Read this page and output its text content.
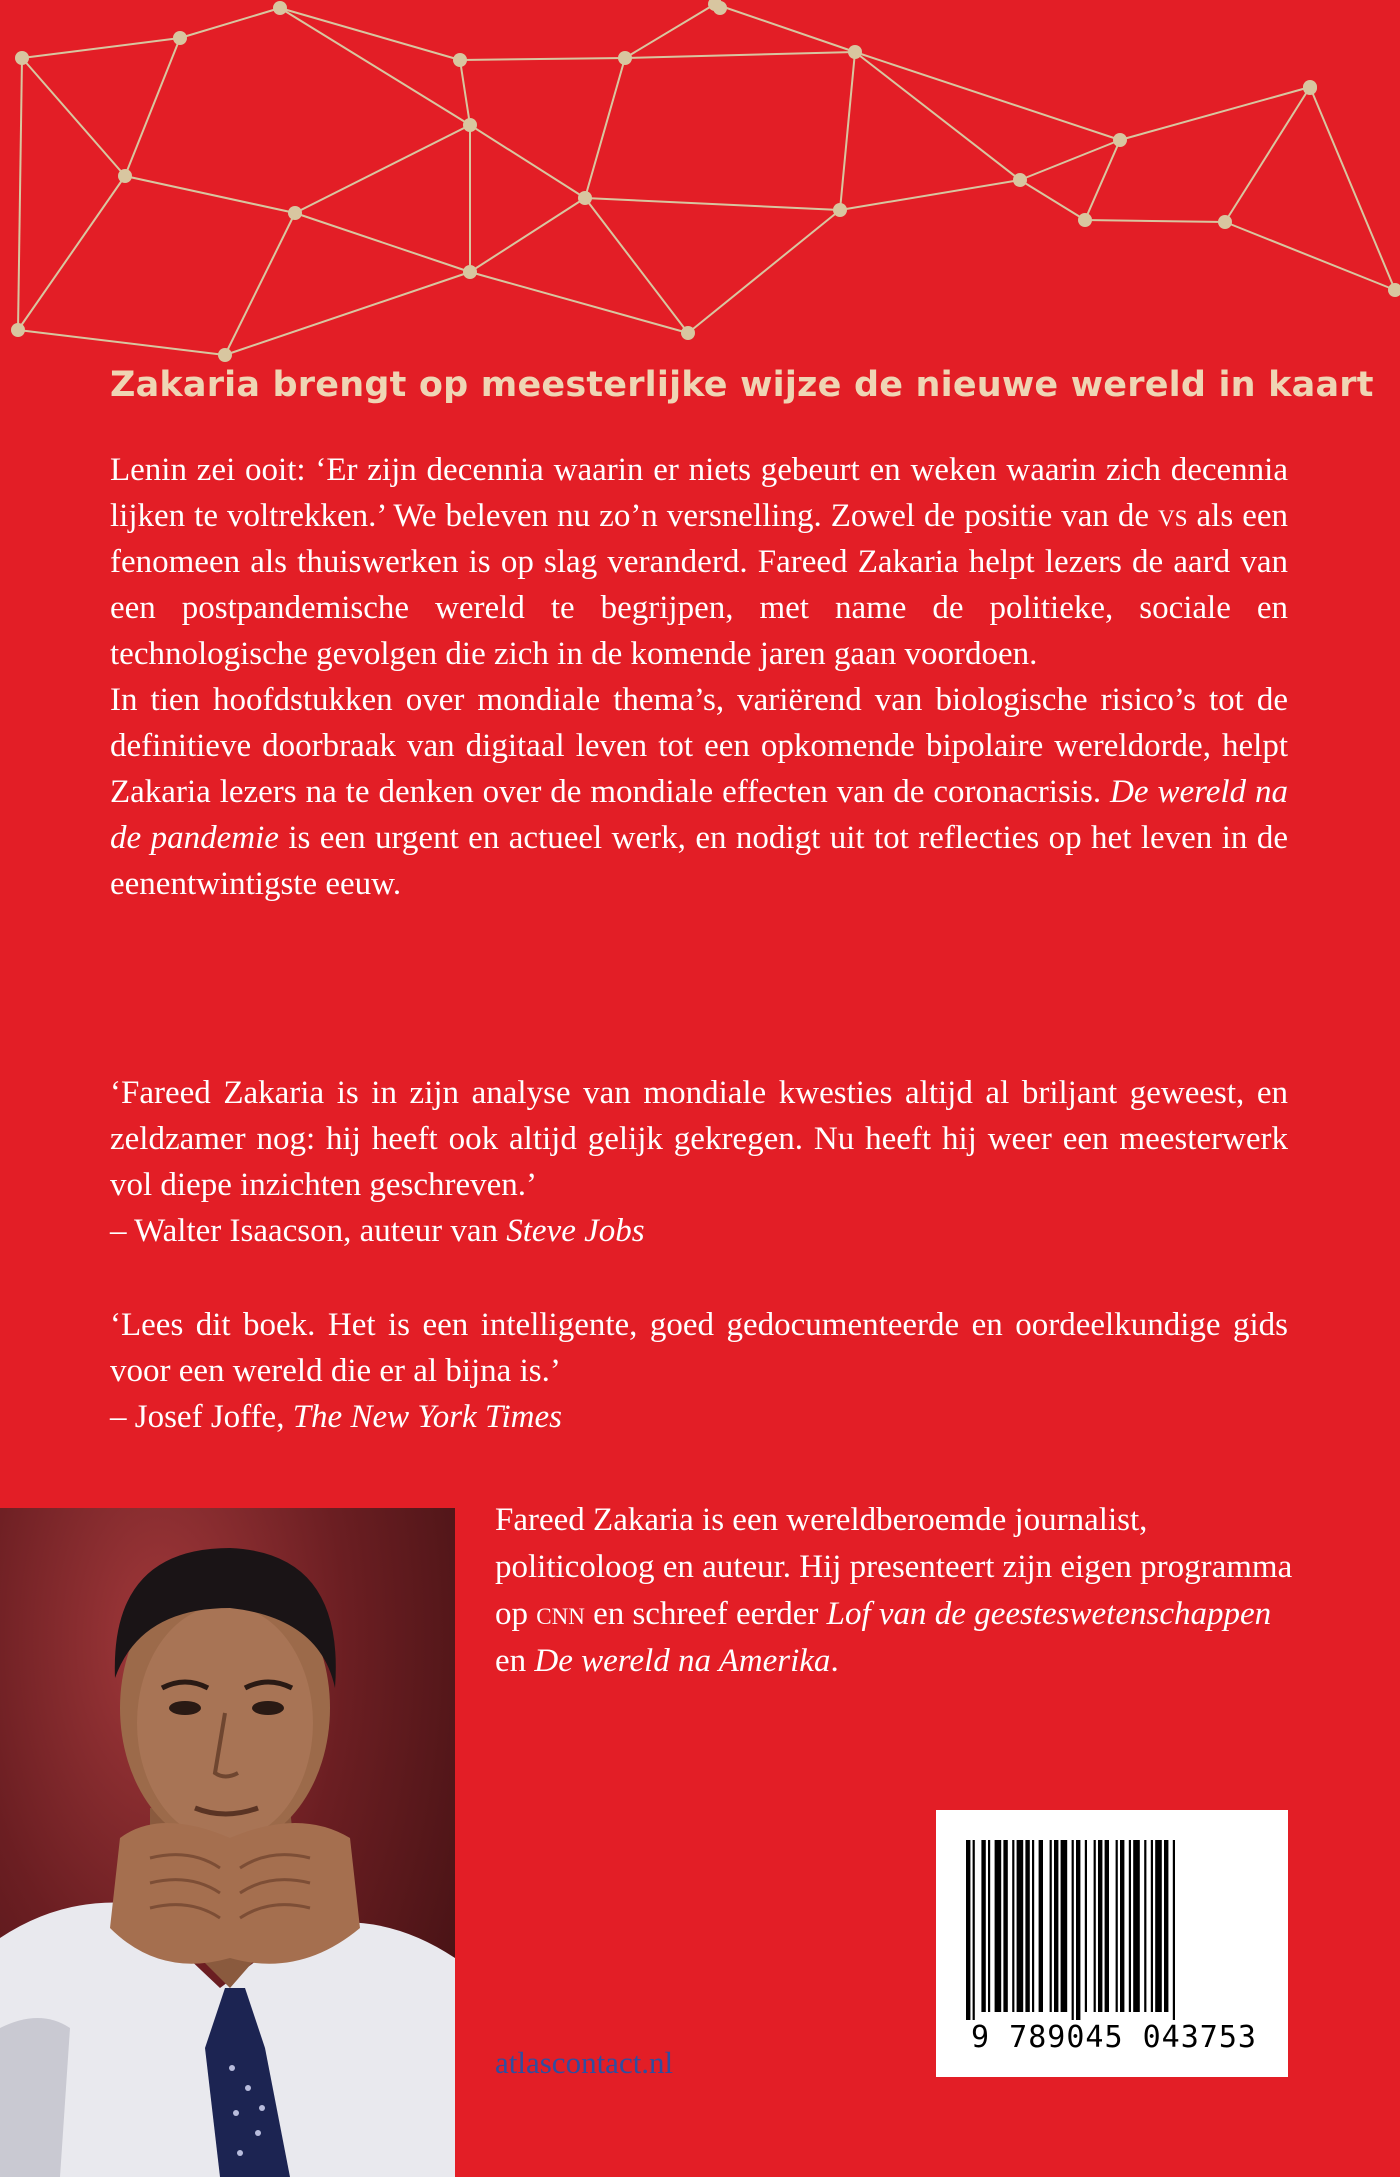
Zakaria brengt op meesterlijke wijze de nieuwe wereld in kaart

Lenin zei ooit: ‘Er zijn decennia waarin er niets gebeurt en weken waarin zich decennia lijken te voltrekken.’ We beleven nu zo’n versnelling. Zowel de positie van de vs als een fenomeen als thuiswerken is op slag veranderd. Fareed Zakaria helpt lezers de aard van een postpandemische wereld te begrijpen, met name de politieke, sociale en technologische gevolgen die zich in de komende jaren gaan voordoen.

In tien hoofdstukken over mondiale thema’s, variërend van biologische risico’s tot de definitieve doorbraak van digitaal leven tot een opkomende bipolaire wereldorde, helpt Zakaria lezers na te denken over de mondiale effecten van de coronacrisis. De wereld na de pandemie is een urgent en actueel werk, en nodigt uit tot reflecties op het leven in de eenentwintigste eeuw.

‘Fareed Zakaria is in zijn analyse van mondiale kwesties altijd al briljant geweest, en zeldzamer nog: hij heeft ook altijd gelijk gekregen. Nu heeft hij weer een meesterwerk vol diepe inzichten geschreven.’
– Walter Isaacson, auteur van Steve Jobs
‘Lees dit boek. Het is een intelligente, goed gedocumenteerde en oordeelkundige gids voor een wereld die er al bijna is.’
– Josef Joffe, The New York Times
Fareed Zakaria is een wereldberoemde journalist, politicoloog en auteur. Hij presenteert zijn eigen programma op cnn en schreef eerder Lof van de geesteswetenschappen en De wereld na Amerika.
atlascontact.nl
9 789045 043753
